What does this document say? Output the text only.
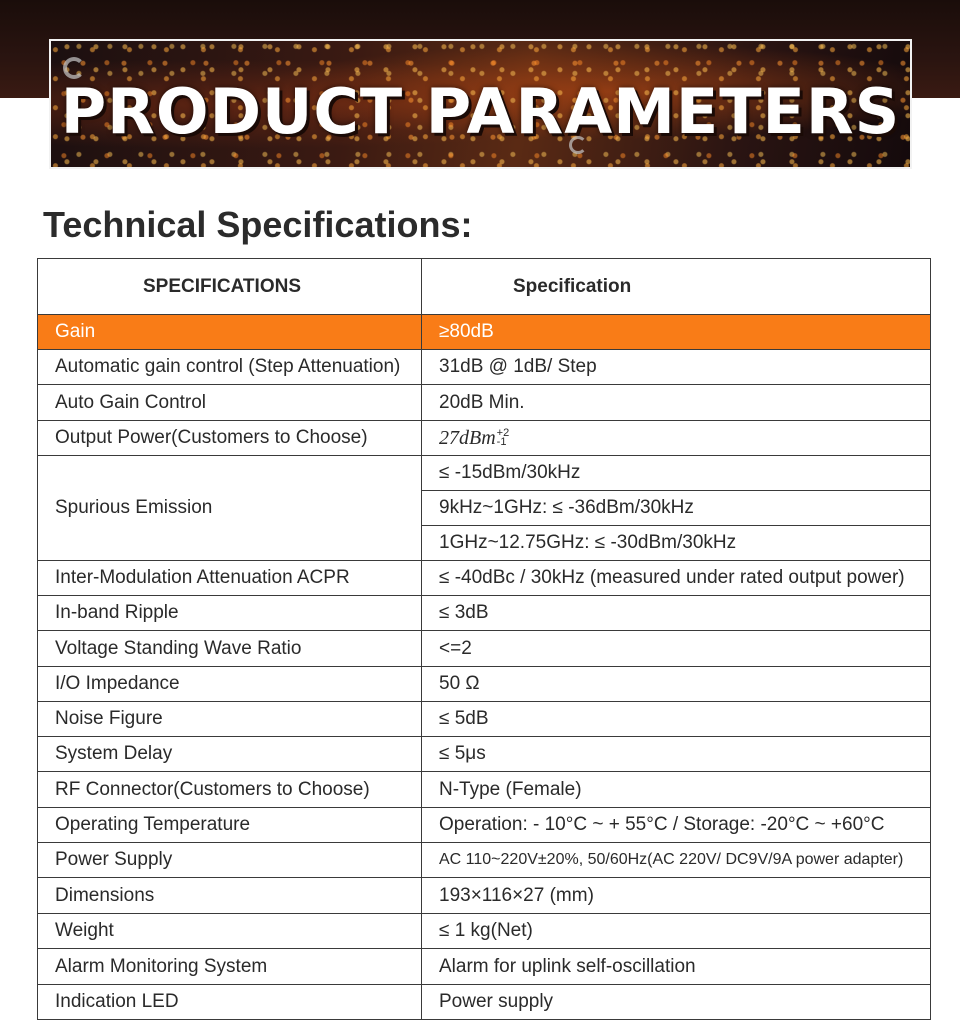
PRODUCT PARAMETERS
Technical Specifications:
SPECIFICATIONS	Specification
Gain	≥80dB
Automatic gain control (Step Attenuation)	31dB @ 1dB/ Step
Auto Gain Control	20dB Min.
Output Power(Customers to Choose)	27dBm +2
-1

Spurious Emission	≤ -15dBm/30kHz
	9kHz~1GHz: ≤ -36dBm/30kHz
	1GHz~12.75GHz: ≤ -30dBm/30kHz
Inter-Modulation Attenuation ACPR	≤ -40dBc / 30kHz (measured under rated output power)
In-band Ripple	≤ 3dB
Voltage Standing Wave Ratio	<=2
I/O Impedance	50 Ω
Noise Figure	≤ 5dB
System Delay	≤ 5μs
RF Connector(Customers to Choose)	N-Type (Female)
Operating Temperature	Operation: - 10°C ~ + 55°C / Storage: -20°C ~ +60°C
Power Supply	AC 110~220V±20%, 50/60Hz(AC 220V/ DC9V/9A power adapter)
Dimensions	193×116×27 (mm)
Weight	≤ 1 kg(Net)
Alarm Monitoring System	Alarm for uplink self-oscillation
Indication LED	Power supply
